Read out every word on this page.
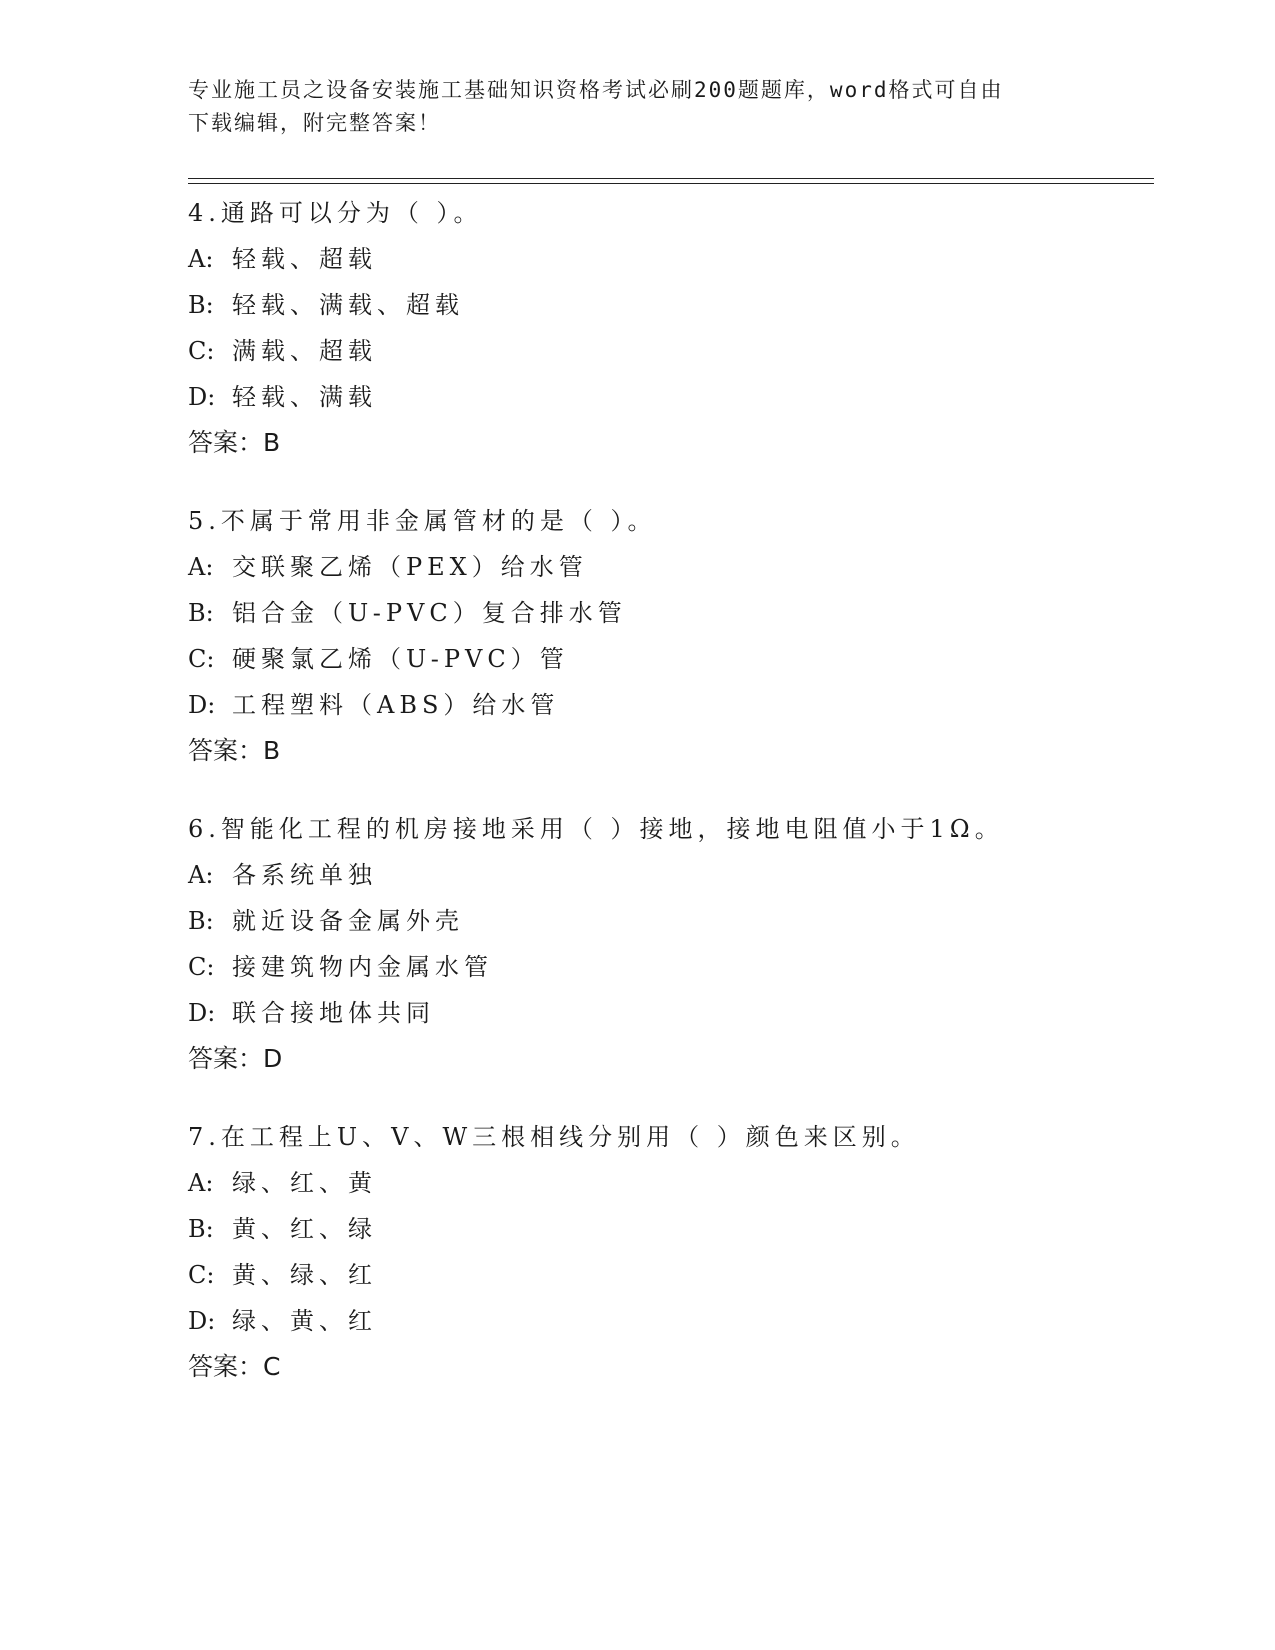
专业施工员之设备安装施工基础知识资格考试必刷200题题库，word格式可自由
下载编辑，附完整答案！
4.通路可以分为（ ）。
A: 轻载、超载
B: 轻载、满载、超载
C: 满载、超载
D: 轻载、满载
答案：B
5.不属于常用非金属管材的是（ ）。
A: 交联聚乙烯（PEX）给水管
B: 铝合金（U-PVC）复合排水管
C: 硬聚氯乙烯（U-PVC）管
D: 工程塑料（ABS）给水管
答案：B
6.智能化工程的机房接地采用（ ）接地，接地电阻值小于1Ω。
A: 各系统单独
B: 就近设备金属外壳
C: 接建筑物内金属水管
D: 联合接地体共同
答案：D
7.在工程上U、V、W三根相线分别用（ ）颜色来区别。
A: 绿、红、黄
B: 黄、红、绿
C: 黄、绿、红
D: 绿、黄、红
答案：C
